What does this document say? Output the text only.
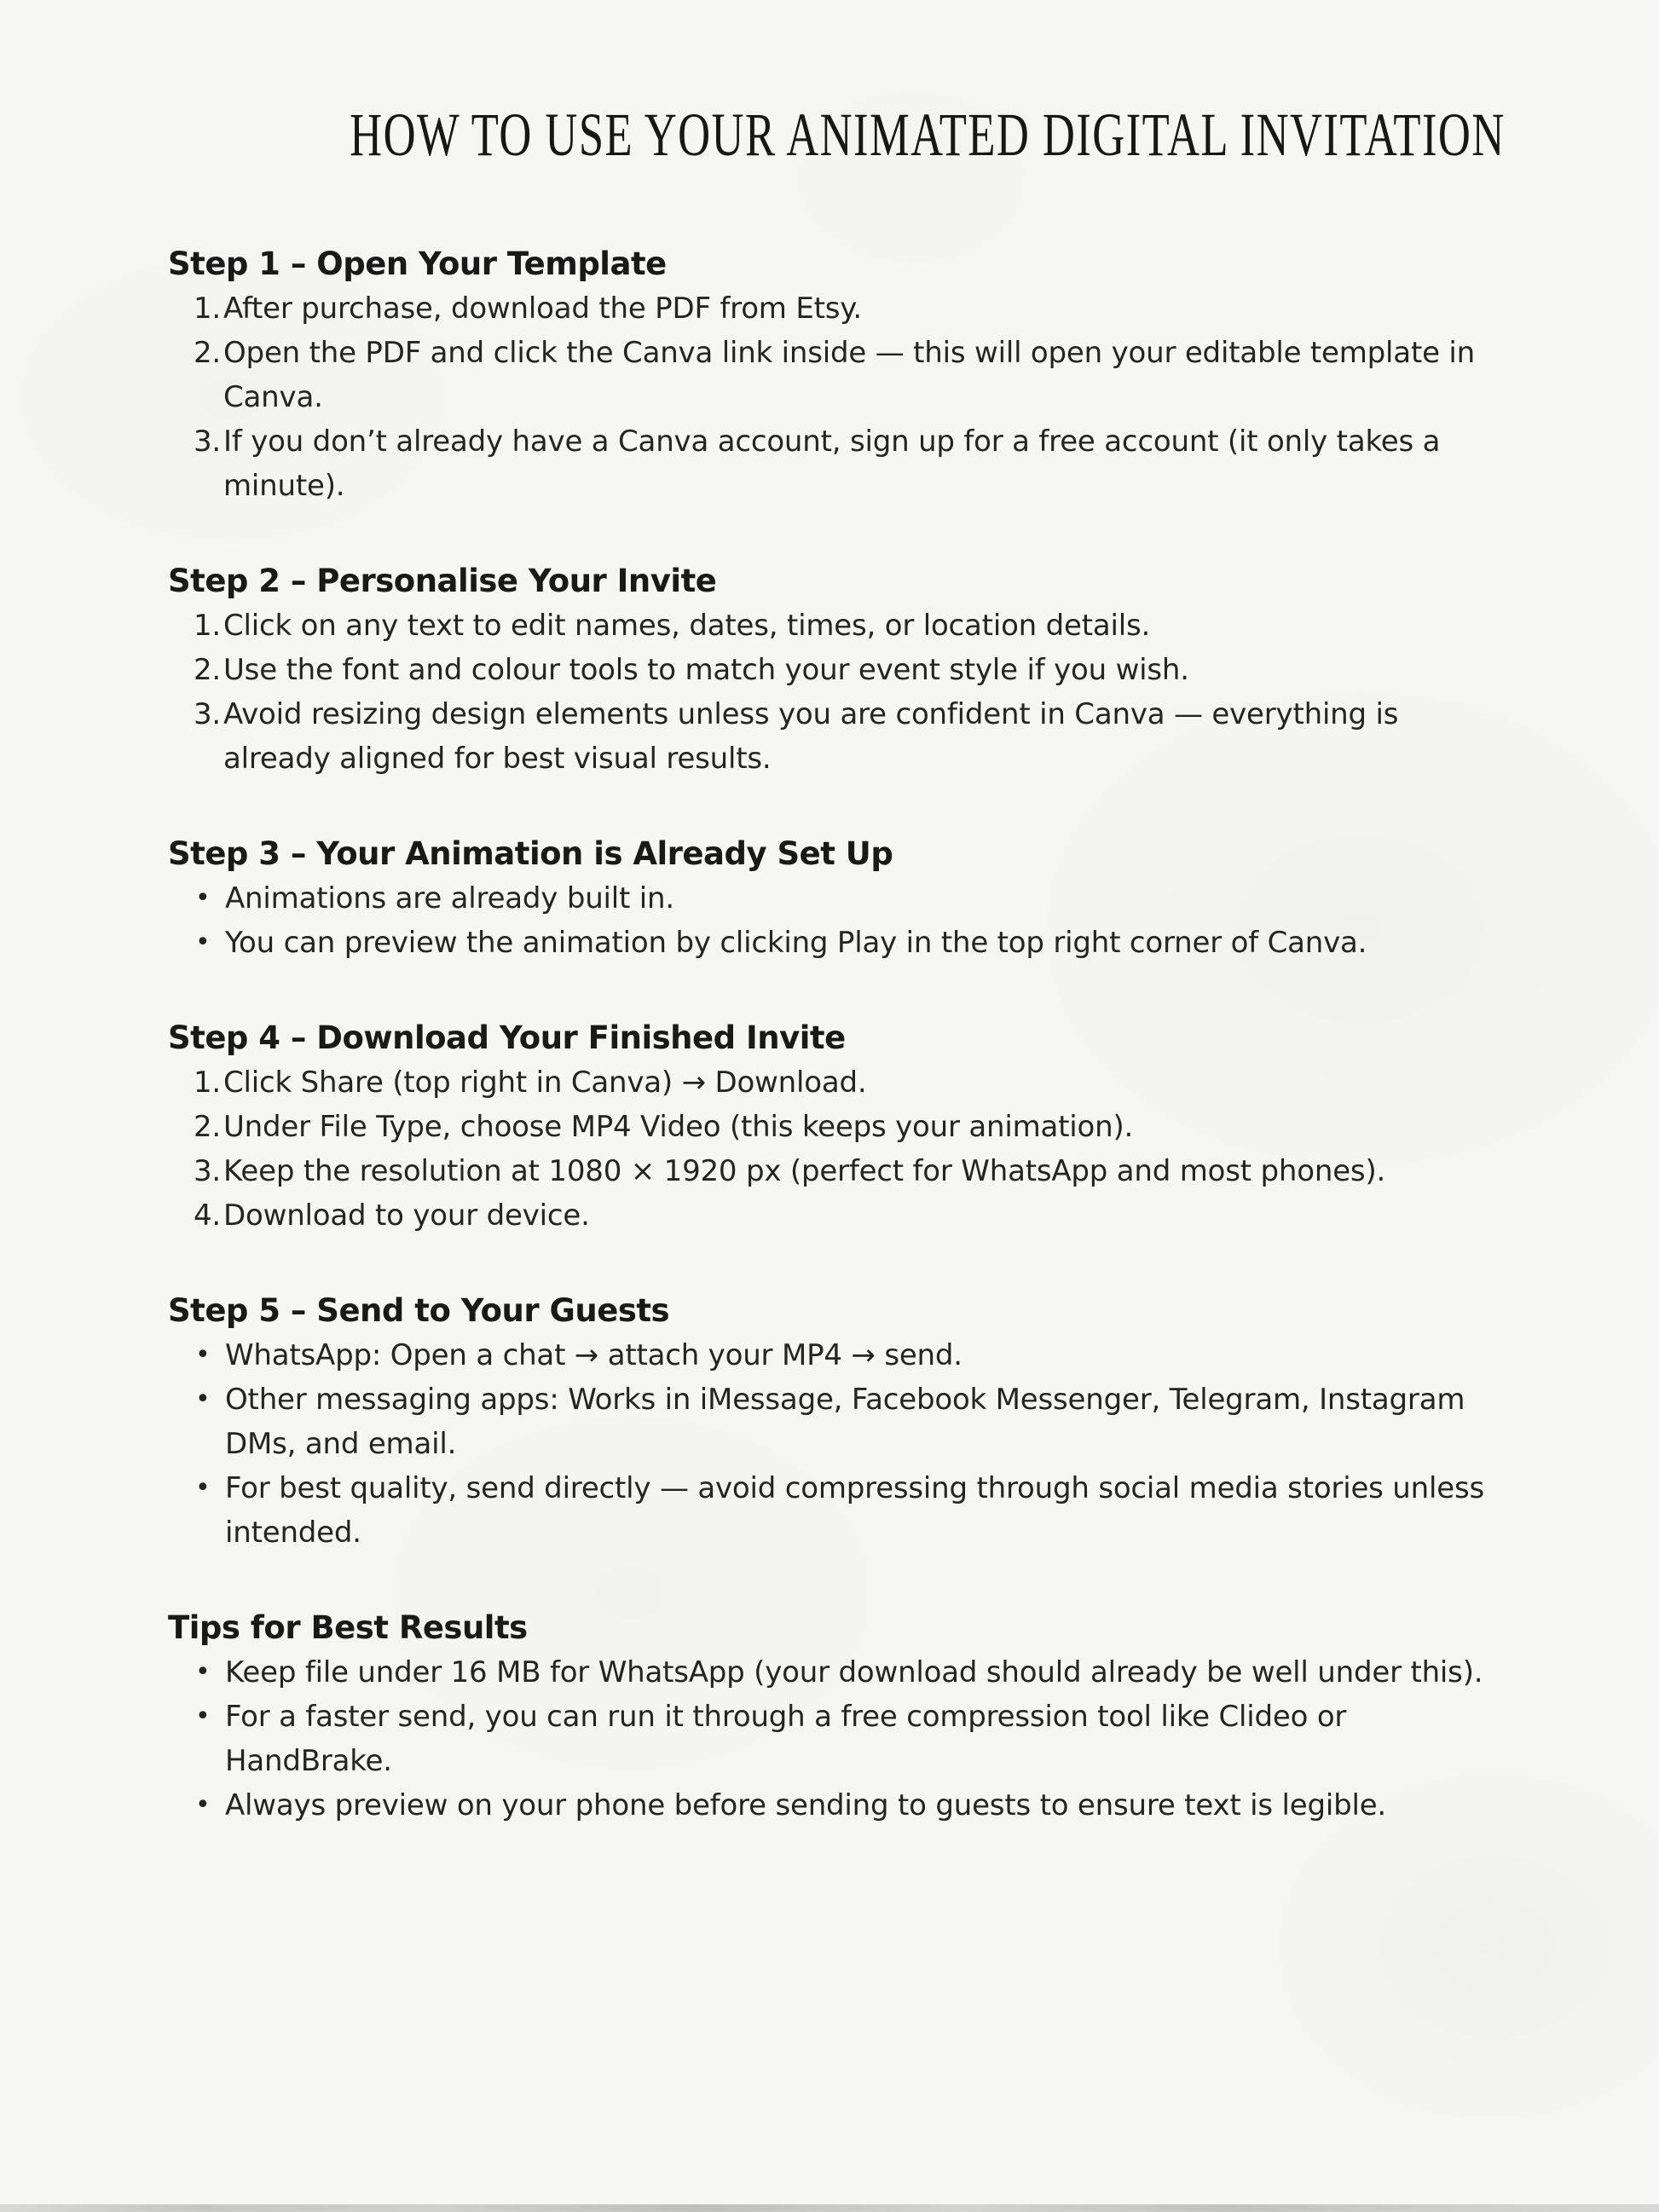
HOW TO USE YOUR ANIMATED DIGITAL INVITATION
Step 1 – Open Your Template
1. After purchase, download the PDF from Etsy.
2. Open the PDF and click the Canva link inside — this will open your editable template in Canva.
3. If you don’t already have a Canva account, sign up for a free account (it only takes a minute).
Step 2 – Personalise Your Invite
1. Click on any text to edit names, dates, times, or location details.
2. Use the font and colour tools to match your event style if you wish.
3. Avoid resizing design elements unless you are confident in Canva — everything is already aligned for best visual results.
Step 3 – Your Animation is Already Set Up
• Animations are already built in.
• You can preview the animation by clicking Play in the top right corner of Canva.
Step 4 – Download Your Finished Invite
1. Click Share (top right in Canva) → Download.
2. Under File Type, choose MP4 Video (this keeps your animation).
3. Keep the resolution at 1080 × 1920 px (perfect for WhatsApp and most phones).
4. Download to your device.
Step 5 – Send to Your Guests
• WhatsApp: Open a chat → attach your MP4 → send.
• Other messaging apps: Works in iMessage, Facebook Messenger, Telegram, Instagram DMs, and email.
• For best quality, send directly — avoid compressing through social media stories unless intended.
Tips for Best Results
• Keep file under 16 MB for WhatsApp (your download should already be well under this).
• For a faster send, you can run it through a free compression tool like Clideo or HandBrake.
• Always preview on your phone before sending to guests to ensure text is legible.
